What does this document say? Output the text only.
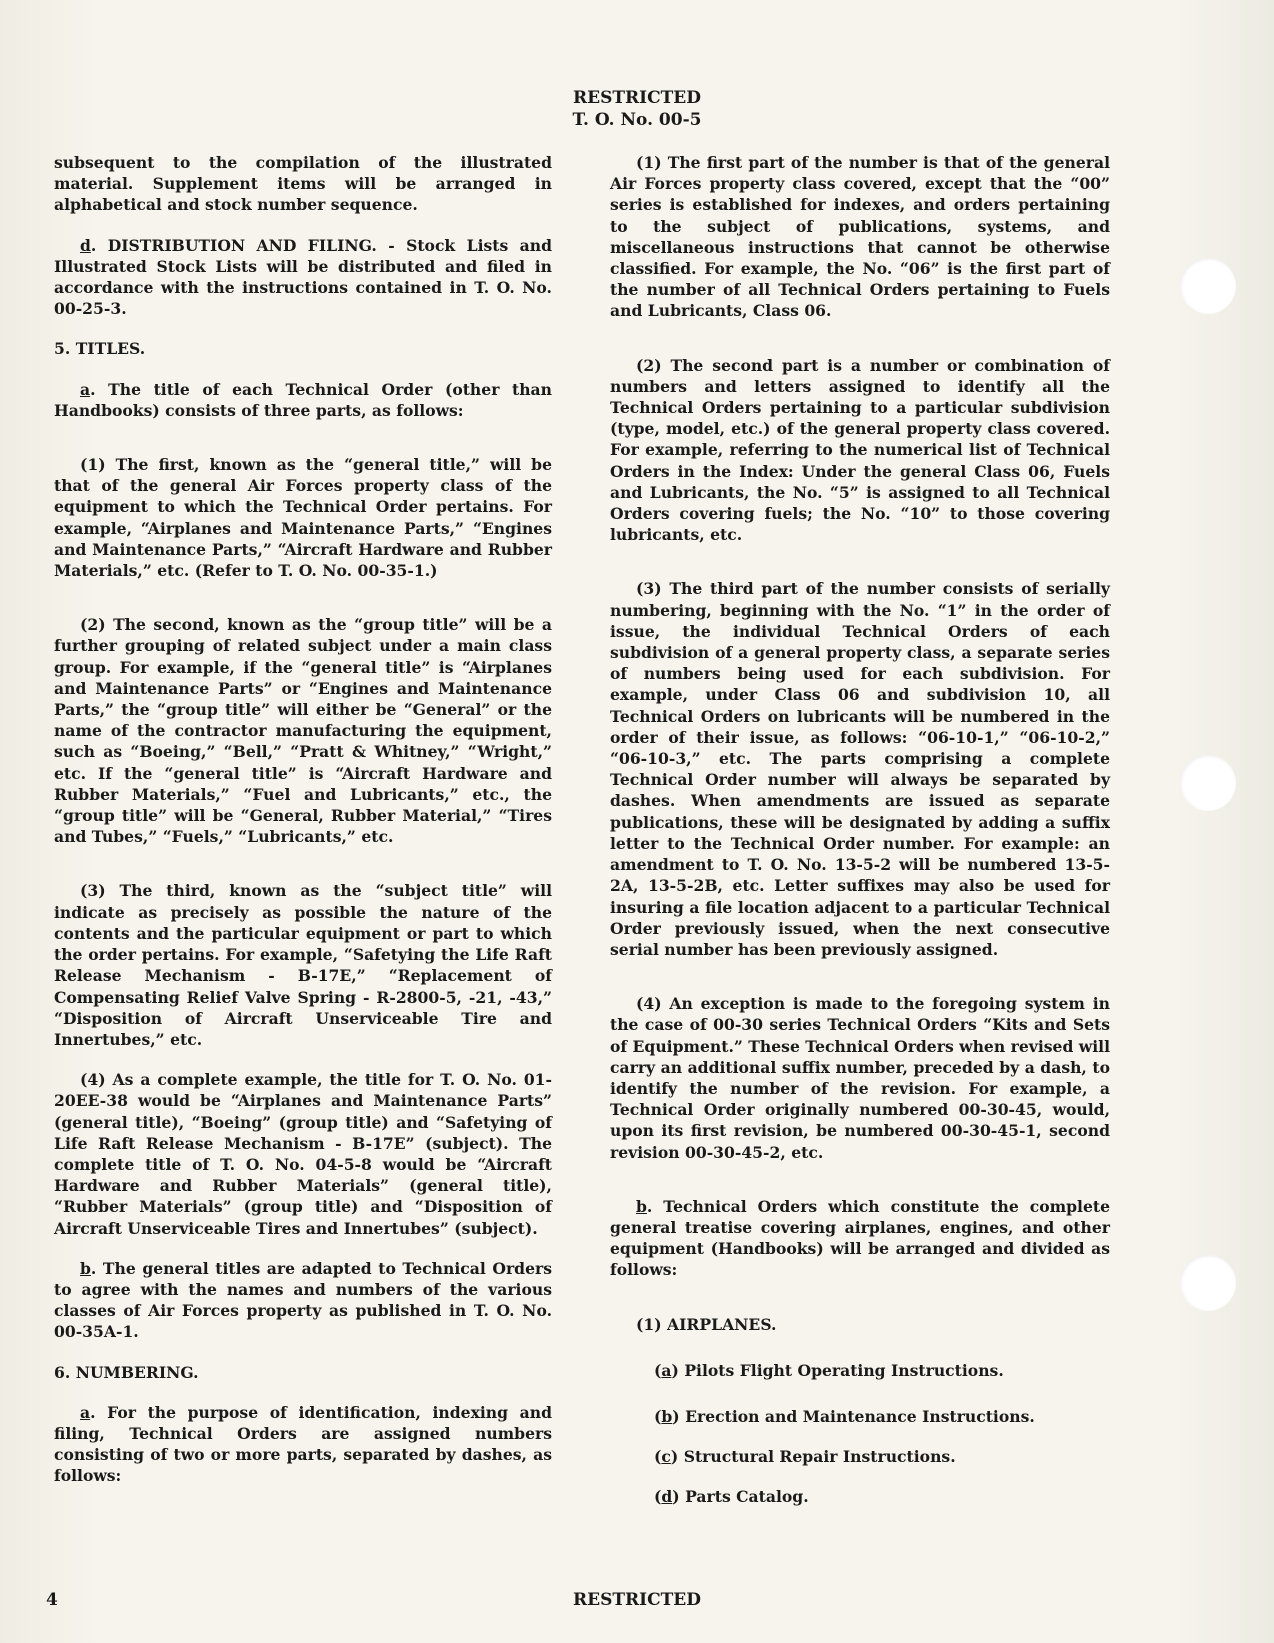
RESTRICTED
T. O. No. 00-5

subsequent to the compilation of the illustrated material. Supplement items will be arranged in alphabetical and stock number sequence.

d. DISTRIBUTION AND FILING. - Stock Lists and Illustrated Stock Lists will be distributed and filed in accordance with the instructions contained in T. O. No. 00-25-3.

5. TITLES.

a. The title of each Technical Order (other than Handbooks) consists of three parts, as follows:

(1) The first, known as the “general title,” will be that of the general Air Forces property class of the equipment to which the Technical Order pertains. For example, “Airplanes and Maintenance Parts,” “Engines and Maintenance Parts,” “Aircraft Hardware and Rubber Materials,” etc. (Refer to T. O. No. 00-35-1.)

(2) The second, known as the “group title” will be a further grouping of related subject under a main class group. For example, if the “general title” is “Airplanes and Maintenance Parts” or “Engines and Maintenance Parts,” the “group title” will either be “General” or the name of the contractor manufacturing the equipment, such as “Boeing,” “Bell,” “Pratt & Whitney,” “Wright,” etc. If the “general title” is “Aircraft Hardware and Rubber Materials,” “Fuel and Lubricants,” etc., the “group title” will be “General, Rubber Material,” “Tires and Tubes,” “Fuels,” “Lubricants,” etc.

(3) The third, known as the “subject title” will indicate as precisely as possible the nature of the contents and the particular equipment or part to which the order pertains. For example, “Safetying the Life Raft Release Mechanism - B-17E,” “Replacement of Compensating Relief Valve Spring - R-2800-5, -21, -43,” “Disposition of Aircraft Unserviceable Tire and Innertubes,” etc.

(4) As a complete example, the title for T. O. No. 01-20EE-38 would be “Airplanes and Maintenance Parts” (general title), “Boeing” (group title) and “Safetying of Life Raft Release Mechanism - B-17E” (subject). The complete title of T. O. No. 04-5-8 would be “Aircraft Hardware and Rubber Materials” (general title), “Rubber Materials” (group title) and “Disposition of Aircraft Unserviceable Tires and Innertubes” (subject).

b. The general titles are adapted to Technical Orders to agree with the names and numbers of the various classes of Air Forces property as published in T. O. No. 00-35A-1.

6. NUMBERING.

a. For the purpose of identification, indexing and filing, Technical Orders are assigned numbers consisting of two or more parts, separated by dashes, as follows:

(1) The first part of the number is that of the general Air Forces property class covered, except that the “00” series is established for indexes, and orders pertaining to the subject of publications, systems, and miscellaneous instructions that cannot be otherwise classified. For example, the No. “06” is the first part of the number of all Technical Orders pertaining to Fuels and Lubricants, Class 06.

(2) The second part is a number or combination of numbers and letters assigned to identify all the Technical Orders pertaining to a particular subdivision (type, model, etc.) of the general property class covered. For example, referring to the numerical list of Technical Orders in the Index: Under the general Class 06, Fuels and Lubricants, the No. “5” is assigned to all Technical Orders covering fuels; the No. “10” to those covering lubricants, etc.

(3) The third part of the number consists of serially numbering, beginning with the No. “1” in the order of issue, the individual Technical Orders of each subdivision of a general property class, a separate series of numbers being used for each subdivision. For example, under Class 06 and subdivision 10, all Technical Orders on lubricants will be numbered in the order of their issue, as follows: “06-10-1,” “06-10-2,” “06-10-3,” etc. The parts comprising a complete Technical Order number will always be separated by dashes. When amendments are issued as separate publications, these will be designated by adding a suffix letter to the Technical Order number. For example: an amendment to T. O. No. 13-5-2 will be numbered 13-5-2A, 13-5-2B, etc. Letter suffixes may also be used for insuring a file location adjacent to a particular Technical Order previously issued, when the next consecutive serial number has been previously assigned.

(4) An exception is made to the foregoing system in the case of 00-30 series Technical Orders “Kits and Sets of Equipment.” These Technical Orders when revised will carry an additional suffix number, preceded by a dash, to identify the number of the revision. For example, a Technical Order originally numbered 00-30-45, would, upon its first revision, be numbered 00-30-45-1, second revision 00-30-45-2, etc.

b. Technical Orders which constitute the complete general treatise covering airplanes, engines, and other equipment (Handbooks) will be arranged and divided as follows:

(1) AIRPLANES.

(a) Pilots Flight Operating Instructions.

(b) Erection and Maintenance Instructions.

(c) Structural Repair Instructions.

(d) Parts Catalog.

4	RESTRICTED
